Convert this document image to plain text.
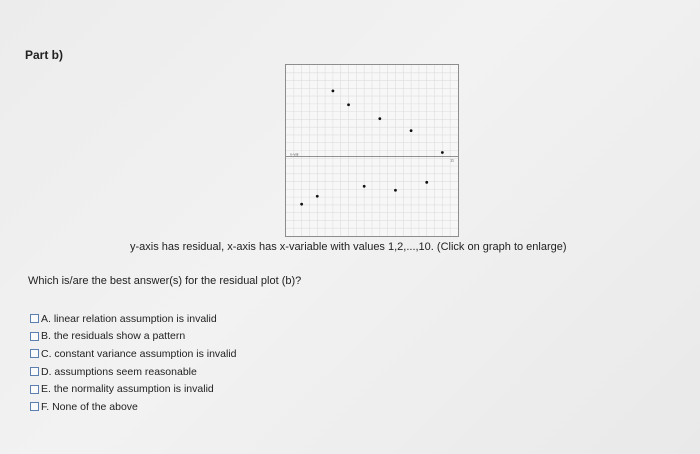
Part b)
x-val
11
y-axis has residual, x-axis has x-variable with values 1,2,...,10. (Click on graph to enlarge)
Which is/are the best answer(s) for the residual plot (b)?
A. linear relation assumption is invalid
B. the residuals show a pattern
C. constant variance assumption is invalid
D. assumptions seem reasonable
E. the normality assumption is invalid
F. None of the above
